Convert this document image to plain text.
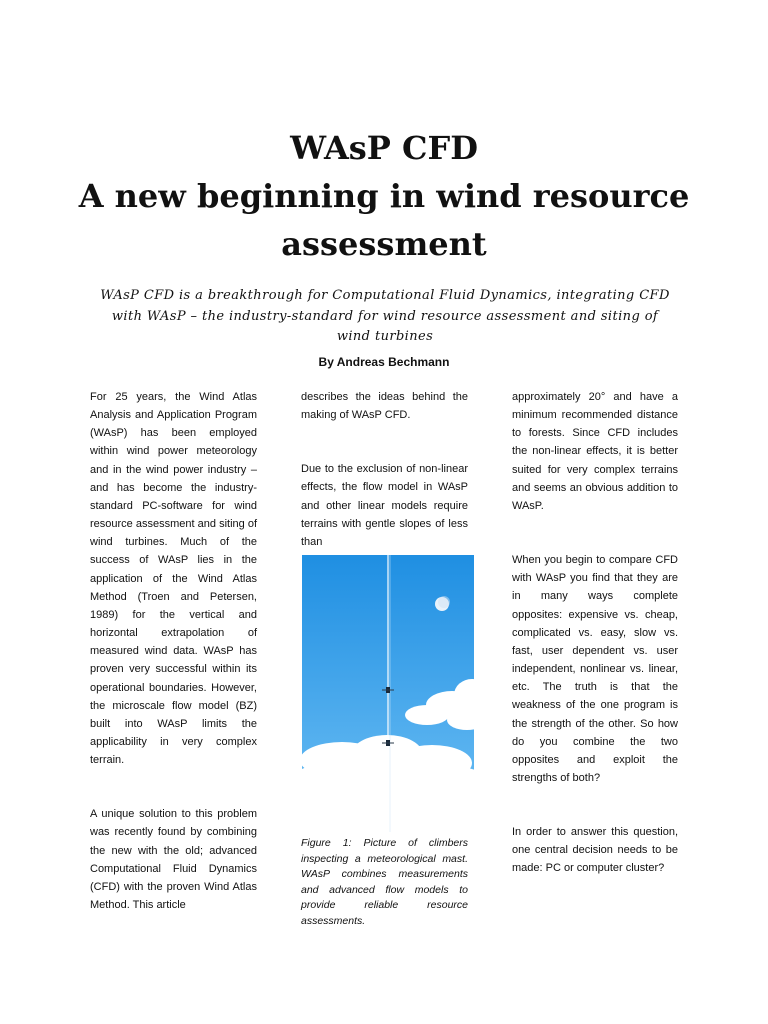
WAsP CFD
A new beginning in wind resource
assessment

WAsP CFD is a breakthrough for Computational Fluid Dynamics, integrating CFD with WAsP – the industry-standard for wind resource assessment and siting of wind turbines

By Andreas Bechmann

For 25 years, the Wind Atlas Analysis and Application Program (WAsP) has been employed within wind power meteorology and in the wind power industry – and has become the industry-standard PC-software for wind resource assessment and siting of wind turbines. Much of the success of WAsP lies in the application of the Wind Atlas Method (Troen and Petersen, 1989) for the vertical and horizontal extrapolation of measured wind data. WAsP has proven very successful within its operational boundaries. However, the microscale flow model (BZ) built into WAsP limits the applicability in very complex terrain.

A unique solution to this problem was recently found by combining the new with the old; advanced Computational Fluid Dynamics (CFD) with the proven Wind Atlas Method. This article

describes the ideas behind the making of WAsP CFD.

Due to the exclusion of non-linear effects, the flow model in WAsP and other linear models require terrains with gentle slopes of less than

Figure 1: Picture of climbers inspecting a meteorological mast. WAsP combines measurements and advanced flow models to provide reliable resource assessments.

approximately 20° and have a minimum recommended distance to forests. Since CFD includes the non-linear effects, it is better suited for very complex terrains and seems an obvious addition to WAsP.

When you begin to compare CFD with WAsP you find that they are in many ways complete opposites: expensive vs. cheap, complicated vs. easy, slow vs. fast, user dependent vs. user independent, nonlinear vs. linear, etc. The truth is that the weakness of the one program is the strength of the other. So how do you combine the two opposites and exploit the strengths of both?

In order to answer this question, one central decision needs to be made: PC or computer cluster?
